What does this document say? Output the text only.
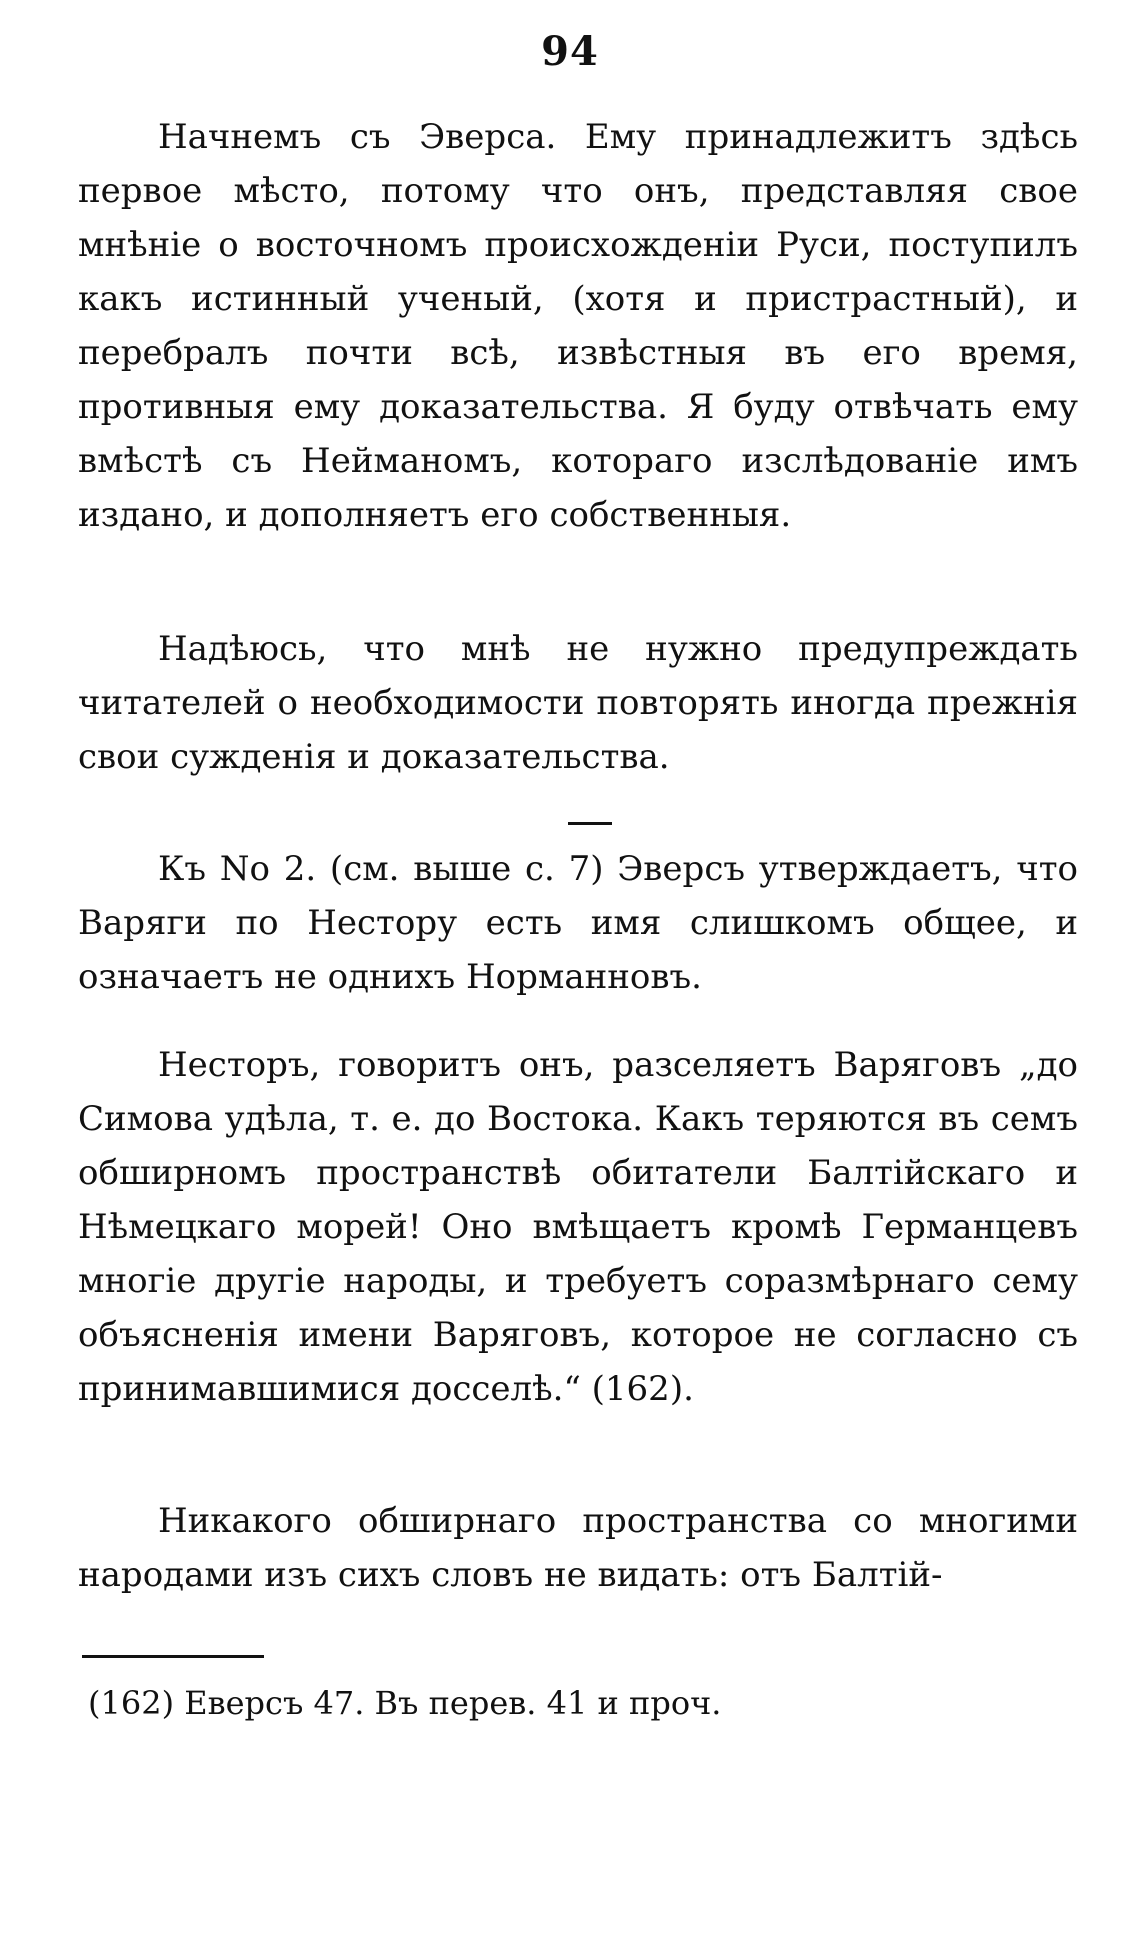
94

Начнемъ съ Эверса. Ему принадлежитъ здѣсь первое мѣсто, потому что онъ, представляя свое мнѣніе о восточномъ происхожденіи Руси, поступилъ какъ истинный ученый, (хотя и пристрастный), и перебралъ почти всѣ, извѣстныя въ его время, противныя ему доказательства. Я буду отвѣчать ему вмѣстѣ съ Нейманомъ, котораго изслѣдованіе имъ издано, и дополняетъ его собственныя.

Надѣюсь, что мнѣ не нужно предупреждать читателей о необходимости повторять иногда прежнія свои сужденія и доказательства.

Къ No 2. (см. выше с. 7) Эверсъ утверждаетъ, что Варяги по Нестору есть имя слишкомъ общее, и означаетъ не однихъ Норманновъ.

Несторъ, говоритъ онъ, разселяетъ Варяговъ „до Симова удѣла, т. е. до Востока. Какъ теряются въ семъ обширномъ пространствѣ обитатели Балтійскаго и Нѣмецкаго морей! Оно вмѣщаетъ кромѣ Германцевъ многіе другіе народы, и требуетъ соразмѣрнаго сему объясненія имени Варяговъ, которое не согласно съ принимавшимися досселѣ.“ (162).

Никакого обширнаго пространства со многими народами изъ сихъ словъ не видать: отъ Балтій-

(162) Еверсъ 47. Въ перев. 41 и проч.
